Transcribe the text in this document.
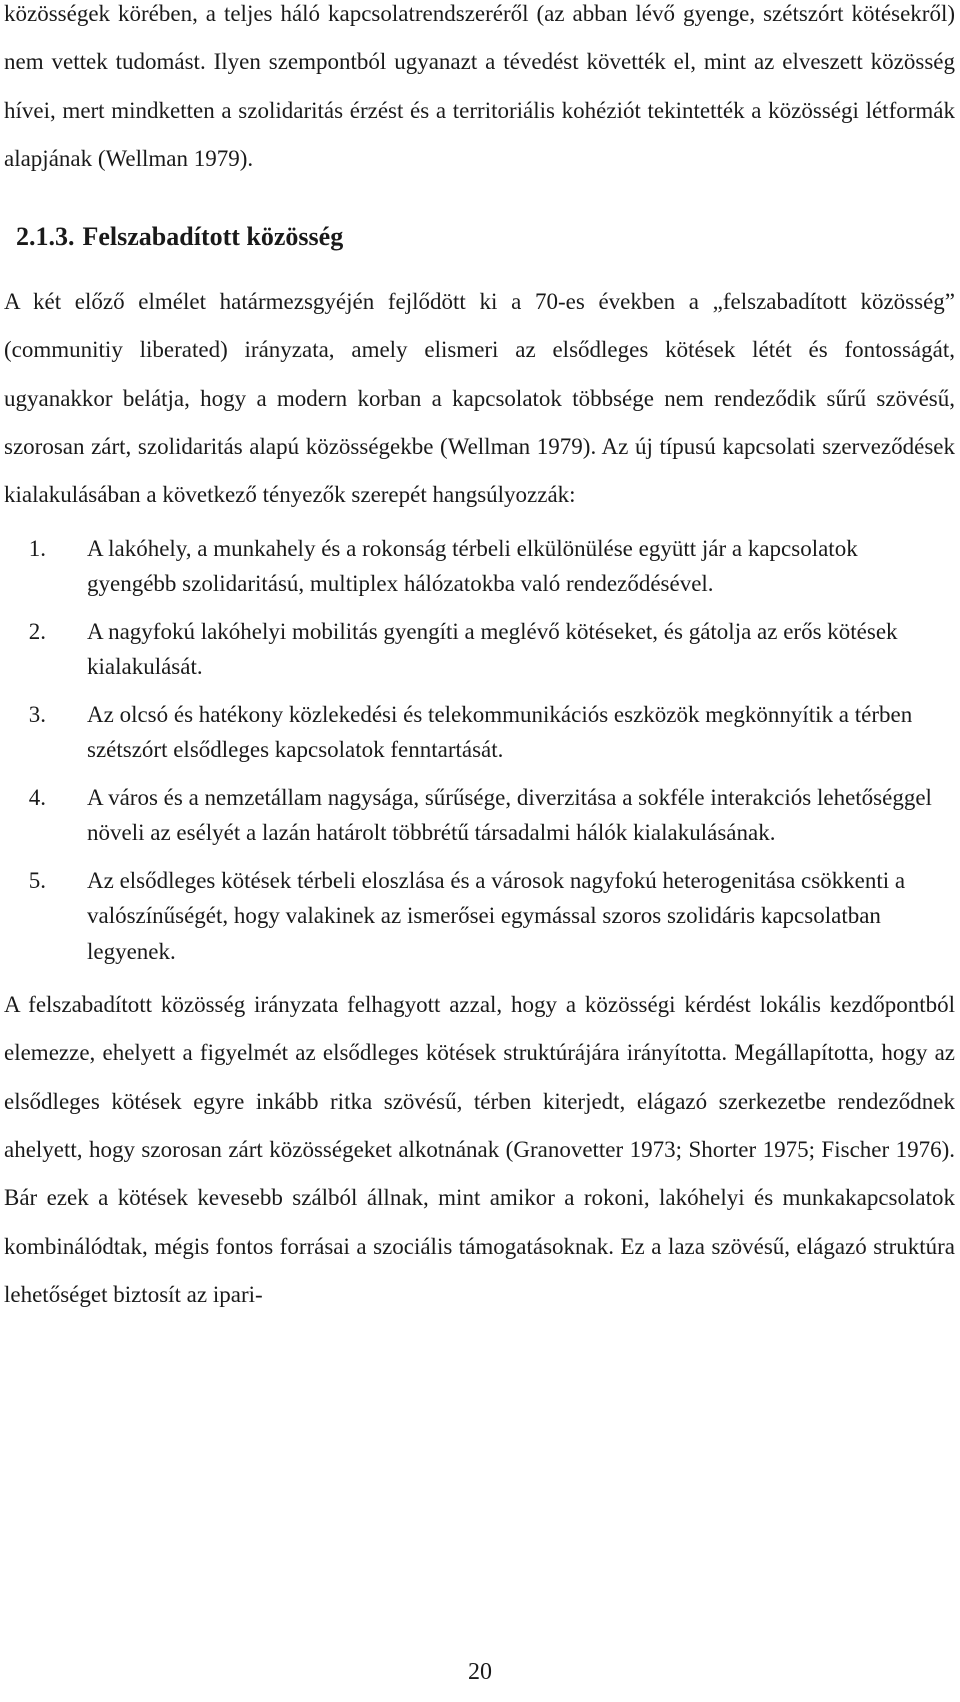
közösségek körében, a teljes háló kapcsolatrendszeréről (az abban lévő gyenge, szétszórt kötésekről) nem vettek tudomást. Ilyen szempontból ugyanazt a tévedést követték el, mint az elveszett közösség hívei, mert mindketten a szolidaritás érzést és a territoriális kohéziót tekintették a közösségi létformák alapjának (Wellman 1979).

2.1.3. Felszabadított közösség

A két előző elmélet határmezsgyéjén fejlődött ki a 70-es években a „felszabadított közösség” (communitiy liberated) irányzata, amely elismeri az elsődleges kötések létét és fontosságát, ugyanakkor belátja, hogy a modern korban a kapcsolatok többsége nem rendeződik sűrű szövésű, szorosan zárt, szolidaritás alapú közösségekbe (Wellman 1979). Az új típusú kapcsolati szerveződések kialakulásában a következő tényezők szerepét hangsúlyozzák:

1.	A lakóhely, a munkahely és a rokonság térbeli elkülönülése együtt jár a kapcsolatok gyengébb szolidaritású, multiplex hálózatokba való rendeződésével.
2.	A nagyfokú lakóhelyi mobilitás gyengíti a meglévő kötéseket, és gátolja az erős kötések kialakulását.
3.	Az olcsó és hatékony közlekedési és telekommunikációs eszközök megkönnyítik a térben szétszórt elsődleges kapcsolatok fenntartását.
4.	A város és a nemzetállam nagysága, sűrűsége, diverzitása a sokféle interakciós lehetőséggel növeli az esélyét a lazán határolt többrétű társadalmi hálók kialakulásának.
5.	Az elsődleges kötések térbeli eloszlása és a városok nagyfokú heterogenitása csökkenti a valószínűségét, hogy valakinek az ismerősei egymással szoros szolidáris kapcsolatban legyenek.

A felszabadított közösség irányzata felhagyott azzal, hogy a közösségi kérdést lokális kezdőpontból elemezze, ehelyett a figyelmét az elsődleges kötések struktúrájára irányította. Megállapította, hogy az elsődleges kötések egyre inkább ritka szövésű, térben kiterjedt, elágazó szerkezetbe rendeződnek ahelyett, hogy szorosan zárt közösségeket alkotnának (Granovetter 1973; Shorter 1975; Fischer 1976). Bár ezek a kötések kevesebb szálból állnak, mint amikor a rokoni, lakóhelyi és munkakapcsolatok kombinálódtak, mégis fontos forrásai a szociális támogatásoknak. Ez a laza szövésű, elágazó struktúra lehetőséget biztosít az ipari-

20
